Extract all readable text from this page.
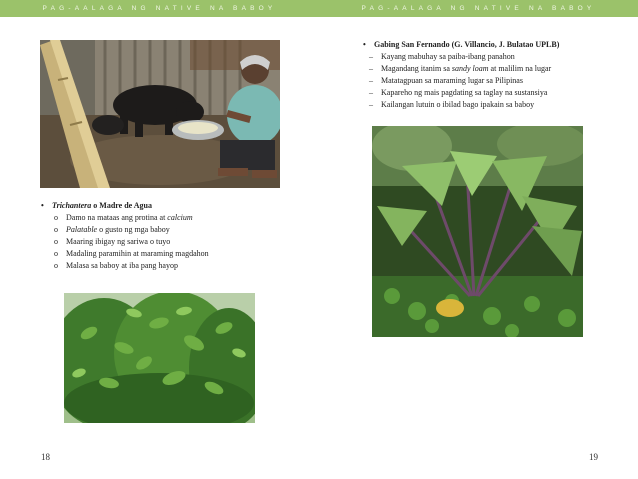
PAG-AALAGA NG NATIVE NA BABOY
•	Trichantera o Madre de Agua
o	Damo na mataas ang protina at calcium
o	Palatable o gusto ng mga baboy
o	Maaring ibigay ng sariwa o tuyo
o	Madaling paramihin at maraming magdahon
o	Malasa sa baboy at iba pang hayop
18
PAG-AALAGA NG NATIVE NA BABOY
19
•	Gabing San Fernando (G. Villancio, J. Bulatao UPLB)
–	Kayang mabuhay sa paiba-ibang panahon
–	Magandang itanim sa sandy loam at malilim na lugar
–	Matatagpuan sa maraming lugar sa Pilipinas
–	Kapareho ng mais pagdating sa taglay na sustansiya
–	Kailangan lutuin o ibilad bago ipakain sa baboy
